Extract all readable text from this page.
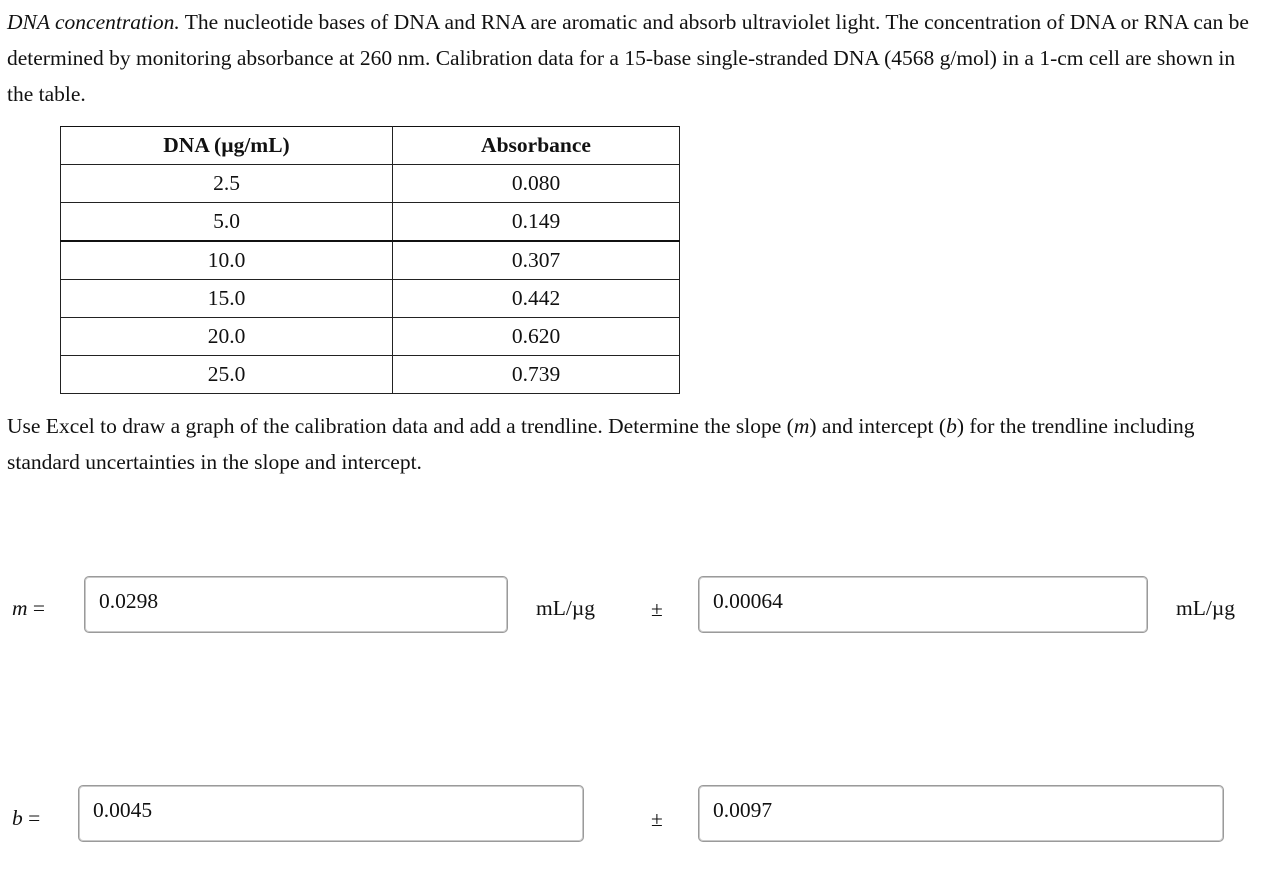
DNA concentration. The nucleotide bases of DNA and RNA are aromatic and absorb ultraviolet light. The concentration of DNA or RNA can be determined by monitoring absorbance at 260 nm. Calibration data for a 15-base single-stranded DNA (4568 g/mol) in a 1-cm cell are shown in the table.
DNA (µg/mL)	Absorbance
2.5	0.080
5.0	0.149
10.0	0.307
15.0	0.442
20.0	0.620
25.0	0.739
Use Excel to draw a graph of the calibration data and add a trendline. Determine the slope (m) and intercept (b) for the trendline including standard uncertainties in the slope and intercept.
m =	0.0298	mL/µg	±	0.00064	mL/µg
b =	0.0045	±	0.0097
